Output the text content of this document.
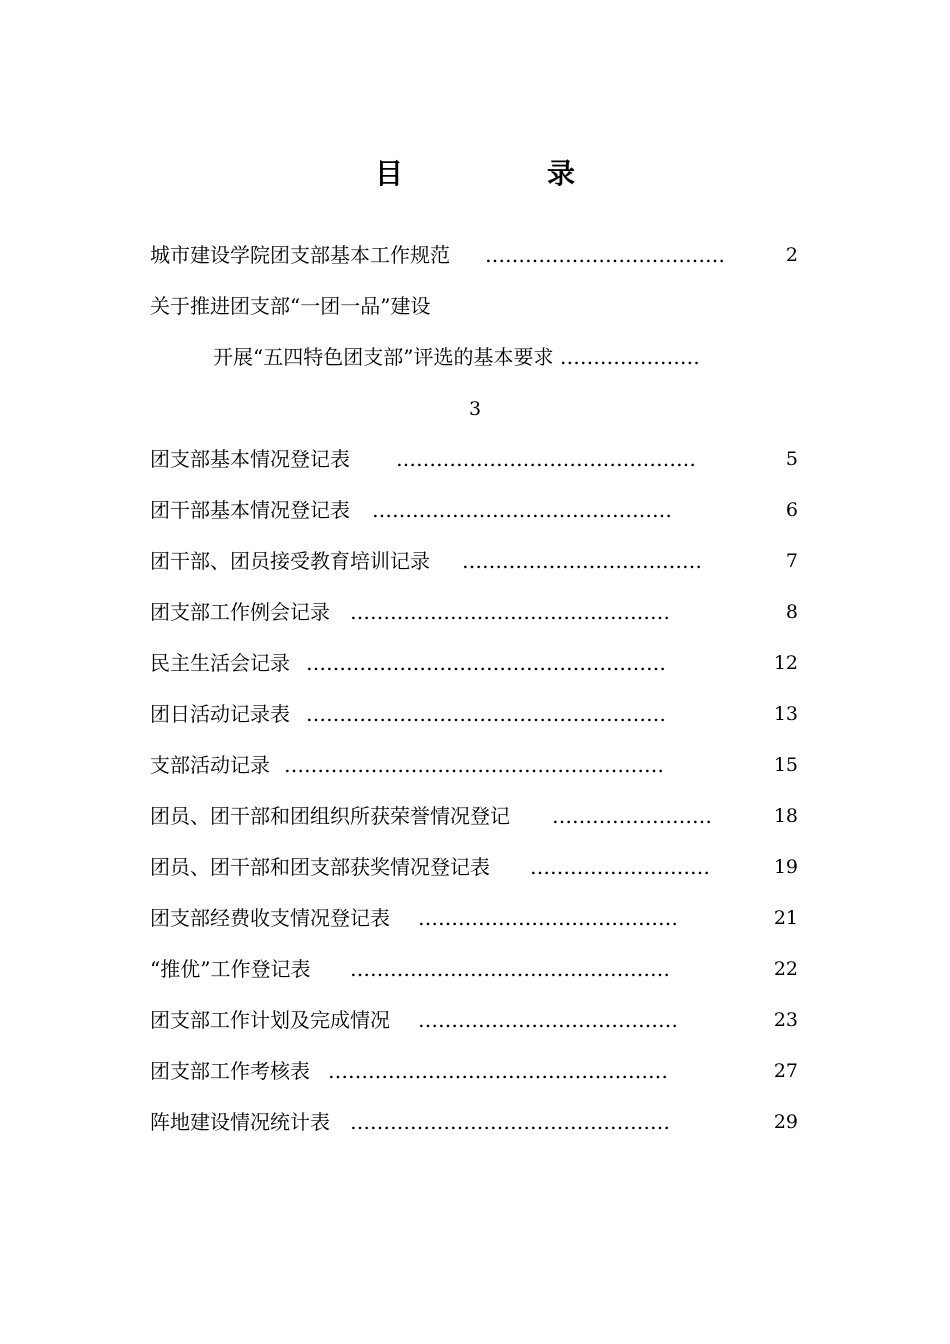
目　录
城市建设学院团支部基本工作规范 ………………………………	2
关于推进团支部“一团一品”建设
开展“五四特色团支部”评选的基本要求 …………………
3
团支部基本情况登记表　 ………………………………………	5
团干部基本情况登记表 ………………………………………	6
团干部、团员接受教育培训记录 ………………………………	7
团支部工作例会记录 …………………………………………	8
民主生活会记录 ………………………………………………	12
团日活动记录表 ………………………………………………	13
支部活动记录 …………………………………………………	15
团员、团干部和团组织所获荣誉情况登记 ……………………	18
团员、团干部和团支部获奖情况登记表 ………………………	19
团支部经费收支情况登记表 …………………………………	21
“推优”工作登记表 …………………………………………	22
团支部工作计划及完成情况 …………………………………	23
团支部工作考核表 ……………………………………………	27
阵地建设情况统计表 …………………………………………	29
